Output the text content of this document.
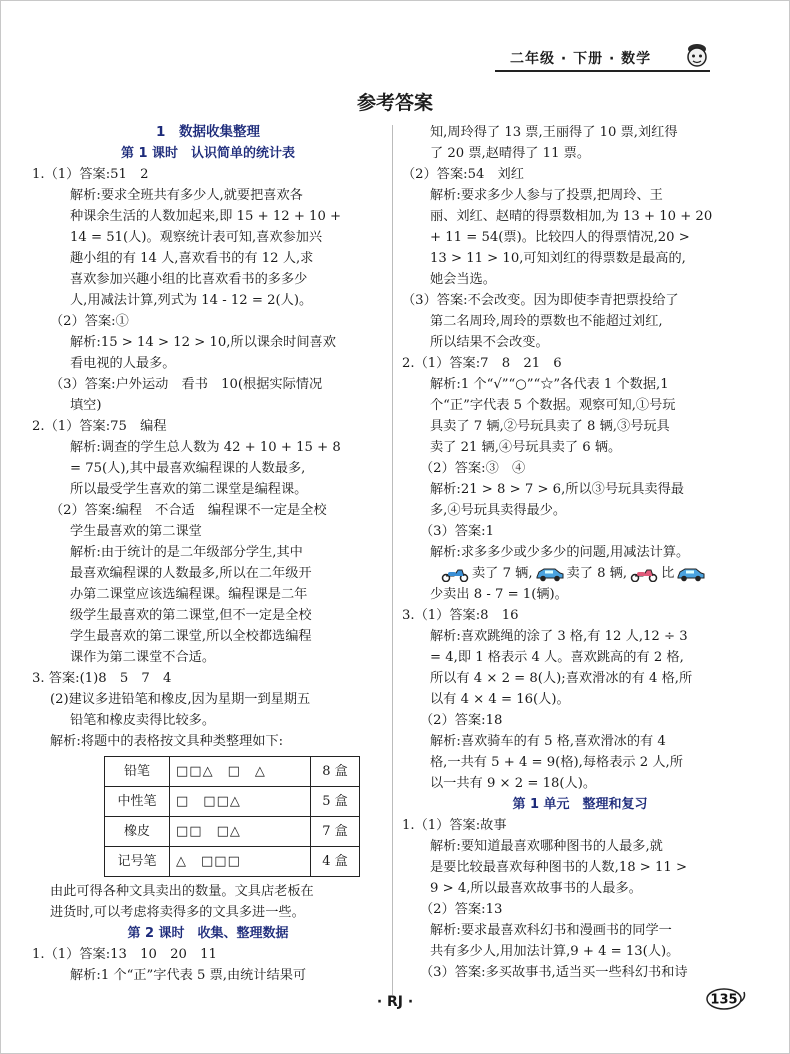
二年级 · 下册 · 数学
参考答案
1　数据收集整理
第 1 课时　认识简单的统计表
1.（1）答案:51　2
解析:要求全班共有多少人,就要把喜欢各
种课余生活的人数加起来,即 15 + 12 + 10 +
14 = 51(人)。观察统计表可知,喜欢参加兴
趣小组的有 14 人,喜欢看书的有 12 人,求
喜欢参加兴趣小组的比喜欢看书的多多少
人,用减法计算,列式为 14 - 12 = 2(人)。
（2）答案:①
解析:15 > 14 > 12 > 10,所以课余时间喜欢
看电视的人最多。
（3）答案:户外运动　看书　10(根据实际情况
填空)
2.（1）答案:75　编程
解析:调查的学生总人数为 42 + 10 + 15 + 8
= 75(人),其中最喜欢编程课的人数最多,
所以最受学生喜欢的第二课堂是编程课。
（2）答案:编程　不合适　编程课不一定是全校
学生最喜欢的第二课堂
解析:由于统计的是二年级部分学生,其中
最喜欢编程课的人数最多,所以在二年级开
办第二课堂应该选编程课。编程课是二年
级学生最喜欢的第二课堂,但不一定是全校
学生最喜欢的第二课堂,所以全校都选编程
课作为第二课堂不合适。
3. 答案:(1)8　5　7　4
(2)建议多进铅笔和橡皮,因为星期一到星期五
铅笔和橡皮卖得比较多。
解析:将题中的表格按文具种类整理如下:
铅笔	□□△　□　△	8 盒
中性笔	□　□□△	5 盒
橡皮	□□　□△	7 盒
记号笔	△　□□□	4 盒
由此可得各种文具卖出的数量。文具店老板在
进货时,可以考虑将卖得多的文具多进一些。
第 2 课时　收集、整理数据
1.（1）答案:13　10　20　11
解析:1 个“正”字代表 5 票,由统计结果可
知,周玲得了 13 票,王丽得了 10 票,刘红得
了 20 票,赵晴得了 11 票。
（2）答案:54　刘红
解析:要求多少人参与了投票,把周玲、王
丽、刘红、赵晴的得票数相加,为 13 + 10 + 20
+ 11 = 54(票)。比较四人的得票情况,20 >
13 > 11 > 10,可知刘红的得票数是最高的,
她会当选。
（3）答案:不会改变。因为即使李青把票投给了
第二名周玲,周玲的票数也不能超过刘红,
所以结果不会改变。
2.（1）答案:7　8　21　6
解析:1 个“√”“○”“☆”各代表 1 个数据,1
个“正”字代表 5 个数据。观察可知,①号玩
具卖了 7 辆,②号玩具卖了 8 辆,③号玩具
卖了 21 辆,④号玩具卖了 6 辆。
（2）答案:③　④
解析:21 > 8 > 7 > 6,所以③号玩具卖得最
多,④号玩具卖得最少。
（3）答案:1
解析:求多多少或少多少的问题,用减法计算。
卖了 7 辆,	卖了 8 辆,	比
少卖出 8 - 7 = 1(辆)。
3.（1）答案:8　16
解析:喜欢跳绳的涂了 3 格,有 12 人,12 ÷ 3
= 4,即 1 格表示 4 人。喜欢跳高的有 2 格,
所以有 4 × 2 = 8(人);喜欢滑冰的有 4 格,所
以有 4 × 4 = 16(人)。
（2）答案:18
解析:喜欢骑车的有 5 格,喜欢滑冰的有 4
格,一共有 5 + 4 = 9(格),每格表示 2 人,所
以一共有 9 × 2 = 18(人)。
第 1 单元　整理和复习
1.（1）答案:故事
解析:要知道最喜欢哪种图书的人最多,就
是要比较最喜欢每种图书的人数,18 > 11 >
9 > 4,所以最喜欢故事书的人最多。
（2）答案:13
解析:要求最喜欢科幻书和漫画书的同学一
共有多少人,用加法计算,9 + 4 = 13(人)。
（3）答案:多买故事书,适当买一些科幻书和诗
· RJ ·	135
